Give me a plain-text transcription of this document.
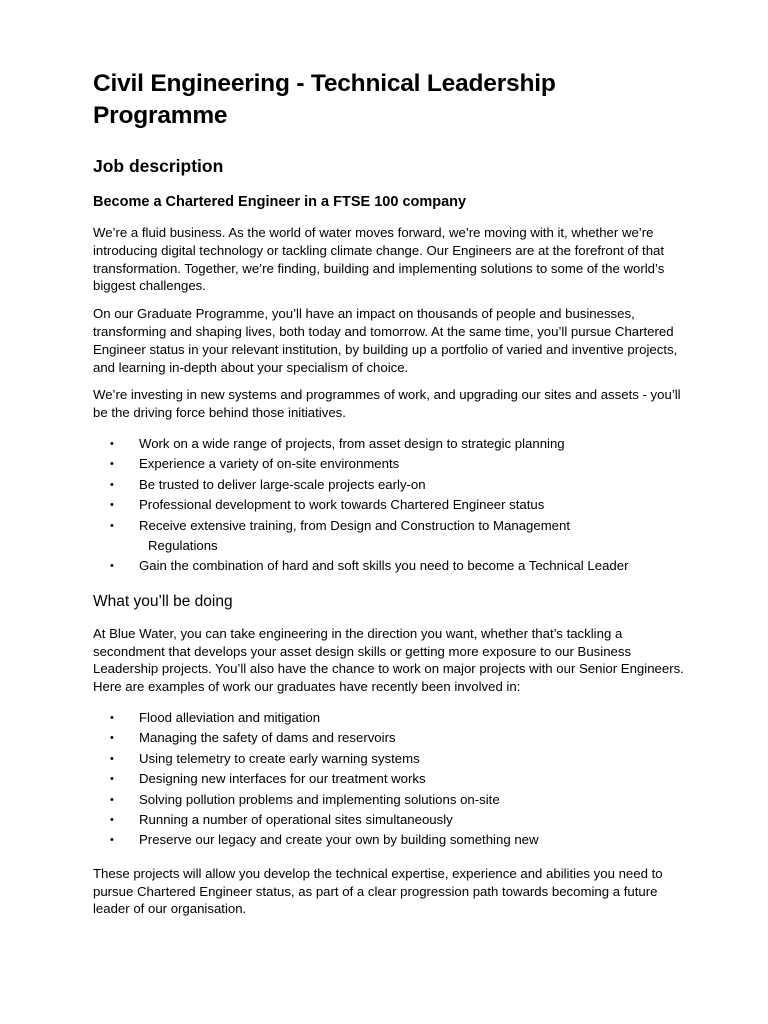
Civil Engineering - Technical Leadership Programme
Job description
Become a Chartered Engineer in a FTSE 100 company

We’re a fluid business. As the world of water moves forward, we’re moving with it, whether we’re introducing digital technology or tackling climate change. Our Engineers are at the forefront of that transformation. Together, we’re finding, building and implementing solutions to some of the world’s biggest challenges.

On our Graduate Programme, you’ll have an impact on thousands of people and businesses, transforming and shaping lives, both today and tomorrow. At the same time, you’ll pursue Chartered Engineer status in your relevant institution, by building up a portfolio of varied and inventive projects, and learning in-depth about your specialism of choice.

We’re investing in new systems and programmes of work, and upgrading our sites and assets - you’ll be the driving force behind those initiatives.

• Work on a wide range of projects, from asset design to strategic planning
• Experience a variety of on-site environments
• Be trusted to deliver large-scale projects early-on
• Professional development to work towards Chartered Engineer status
• Receive extensive training, from Design and Construction to Management
Regulations
• Gain the combination of hard and soft skills you need to become a Technical Leader
What you’ll be doing

At Blue Water, you can take engineering in the direction you want, whether that’s tackling a secondment that develops your asset design skills or getting more exposure to our Business Leadership projects. You’ll also have the chance to work on major projects with our Senior Engineers. Here are examples of work our graduates have recently been involved in:

• Flood alleviation and mitigation
• Managing the safety of dams and reservoirs
• Using telemetry to create early warning systems
• Designing new interfaces for our treatment works
• Solving pollution problems and implementing solutions on-site
• Running a number of operational sites simultaneously
• Preserve our legacy and create your own by building something new

These projects will allow you develop the technical expertise, experience and abilities you need to pursue Chartered Engineer status, as part of a clear progression path towards becoming a future leader of our organisation.
